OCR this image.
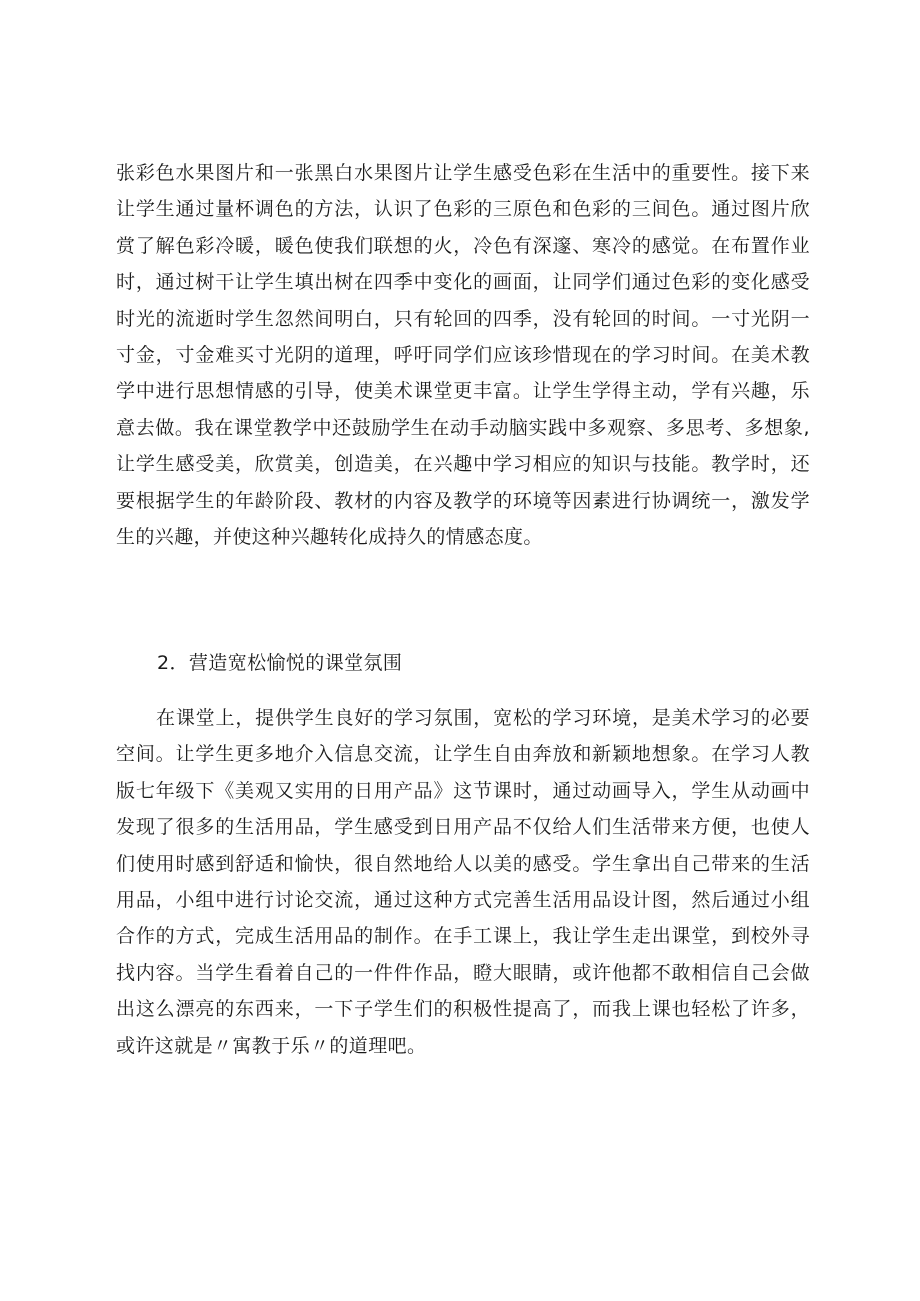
张彩色水果图片和一张黑白水果图片让学生感受色彩在生活中的重要性。接下来让学生通过量杯调色的方法，认识了色彩的三原色和色彩的三间色。通过图片欣赏了解色彩冷暖，暖色使我们联想的火，冷色有深邃、寒冷的感觉。在布置作业时，通过树干让学生填出树在四季中变化的画面，让同学们通过色彩的变化感受时光的流逝时学生忽然间明白，只有轮回的四季，没有轮回的时间。一寸光阴一寸金，寸金难买寸光阴的道理，呼吁同学们应该珍惜现在的学习时间。在美术教学中进行思想情感的引导，使美术课堂更丰富。让学生学得主动，学有兴趣，乐意去做。我在课堂教学中还鼓励学生在动手动脑实践中多观察、多思考、多想象,让学生感受美，欣赏美，创造美，在兴趣中学习相应的知识与技能。教学时，还要根据学生的年龄阶段、教材的内容及教学的环境等因素进行协调统一，激发学生的兴趣，并使这种兴趣转化成持久的情感态度。

2．营造宽松愉悦的课堂氛围

在课堂上，提供学生良好的学习氛围，宽松的学习环境，是美术学习的必要空间。让学生更多地介入信息交流，让学生自由奔放和新颖地想象。在学习人教版七年级下《美观又实用的日用产品》这节课时，通过动画导入，学生从动画中发现了很多的生活用品，学生感受到日用产品不仅给人们生活带来方便，也使人们使用时感到舒适和愉快，很自然地给人以美的感受。学生拿出自己带来的生活用品，小组中进行讨论交流，通过这种方式完善生活用品设计图，然后通过小组合作的方式，完成生活用品的制作。在手工课上，我让学生走出课堂，到校外寻找内容。当学生看着自己的一件件作品，瞪大眼睛，或许他都不敢相信自己会做出这么漂亮的东西来，一下子学生们的积极性提高了，而我上课也轻松了许多，或许这就是〃寓教于乐〃的道理吧。
